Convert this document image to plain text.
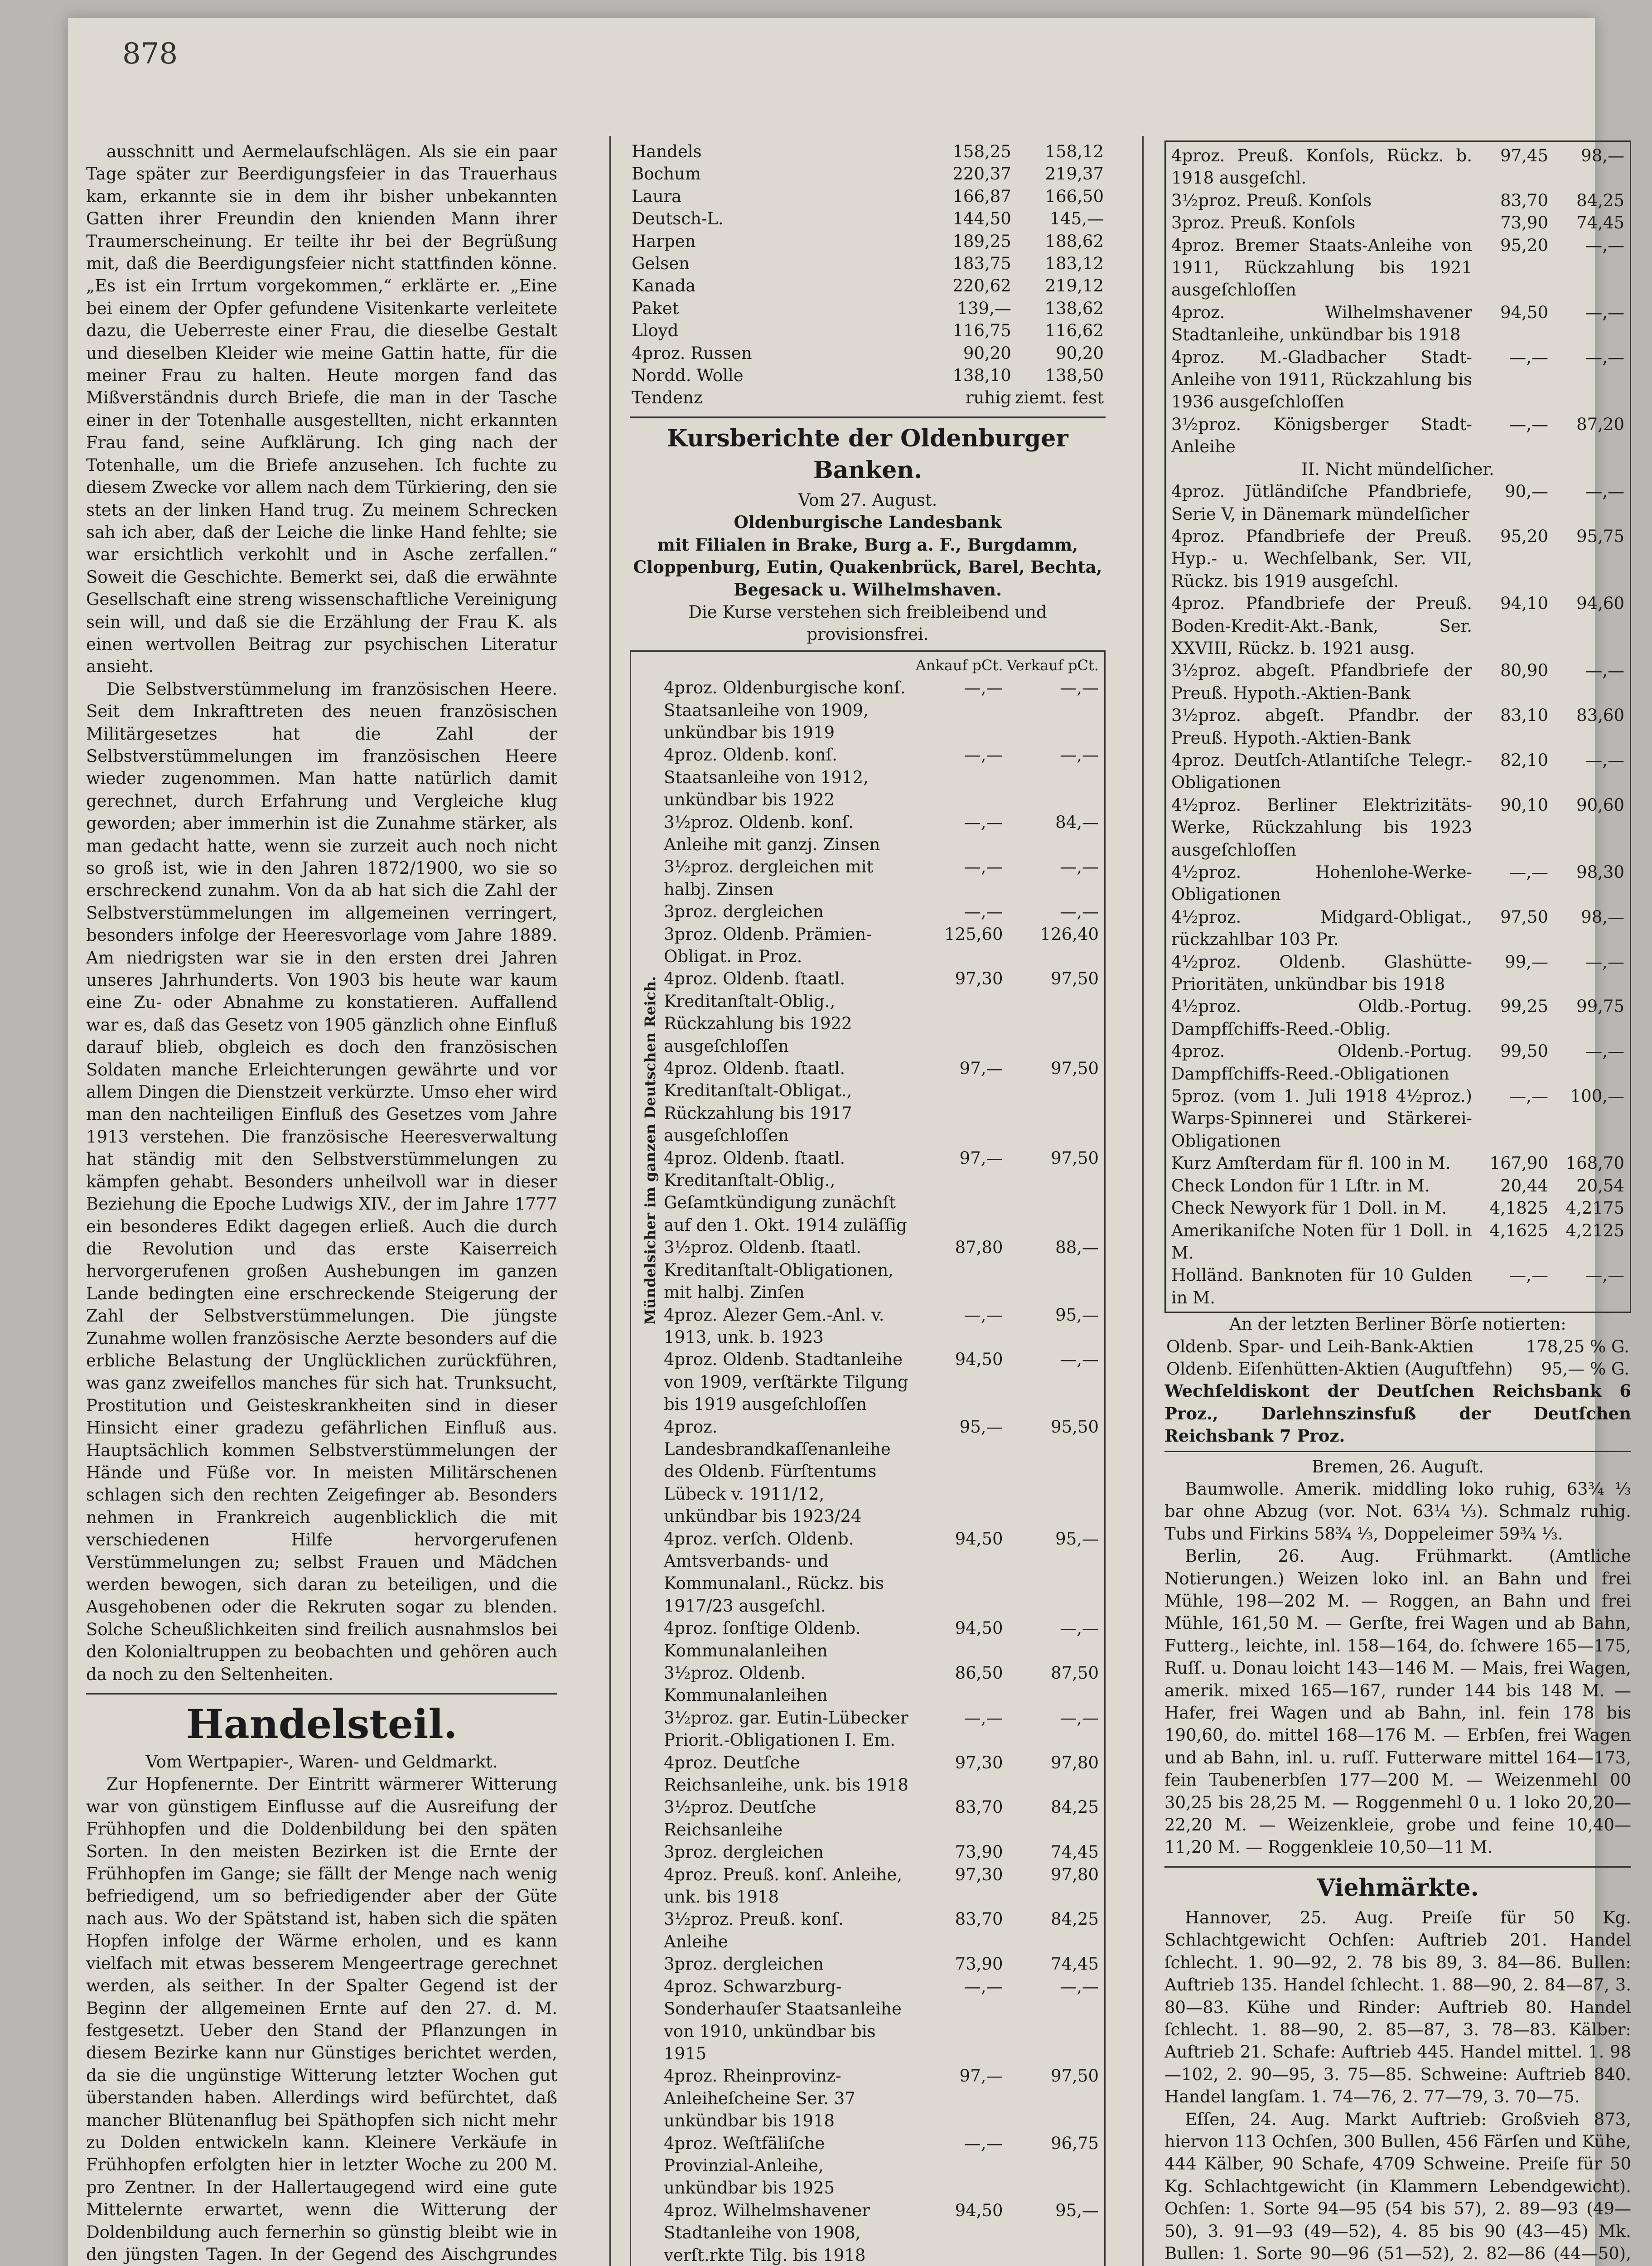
878

ausschnitt und Aermelaufschlägen. Als sie ein paar Tage später zur Beerdigungsfeier in das Trauerhaus kam, erkannte sie in dem ihr bisher unbekannten Gatten ihrer Freundin den knienden Mann ihrer Traumerscheinung. Er teilte ihr bei der Begrüßung mit, daß die Beerdigungsfeier nicht stattfinden könne. „Es ist ein Irrtum vorgekommen,“ erklärte er. „Eine bei einem der Opfer gefundene Visitenkarte verleitete dazu, die Ueberreste einer Frau, die dieselbe Gestalt und dieselben Kleider wie meine Gattin hatte, für die meiner Frau zu halten. Heute morgen fand das Mißverständnis durch Briefe, die man in der Tasche einer in der Totenhalle ausgestellten, nicht erkannten Frau fand, seine Aufklärung. Ich ging nach der Totenhalle, um die Briefe anzusehen. Ich fuchte zu diesem Zwecke vor allem nach dem Türkiering, den sie stets an der linken Hand trug. Zu meinem Schrecken sah ich aber, daß der Leiche die linke Hand fehlte; sie war ersichtlich verkohlt und in Asche zerfallen.“ Soweit die Geschichte. Bemerkt sei, daß die erwähnte Gesellschaft eine streng wissenschaftliche Vereinigung sein will, und daß sie die Erzählung der Frau K. als einen wertvollen Beitrag zur psychischen Literatur ansieht.

Die Selbstverstümmelung im französischen Heere. Seit dem Inkrafttreten des neuen französischen Militärgesetzes hat die Zahl der Selbstverstümmelungen im französischen Heere wieder zugenommen. Man hatte natürlich damit gerechnet, durch Erfahrung und Vergleiche klug geworden; aber immerhin ist die Zunahme stärker, als man gedacht hatte, wenn sie zurzeit auch noch nicht so groß ist, wie in den Jahren 1872/1900, wo sie so erschreckend zunahm. Von da ab hat sich die Zahl der Selbstverstümmelungen im allgemeinen verringert, besonders infolge der Heeresvorlage vom Jahre 1889. Am niedrigsten war sie in den ersten drei Jahren unseres Jahrhunderts. Von 1903 bis heute war kaum eine Zu- oder Abnahme zu konstatieren. Auffallend war es, daß das Gesetz von 1905 gänzlich ohne Einfluß darauf blieb, obgleich es doch den französischen Soldaten manche Erleichterungen gewährte und vor allem Dingen die Dienstzeit verkürzte. Umso eher wird man den nachteiligen Einfluß des Gesetzes vom Jahre 1913 verstehen. Die französische Heeresverwaltung hat ständig mit den Selbstverstümmelungen zu kämpfen gehabt. Besonders unheilvoll war in dieser Beziehung die Epoche Ludwigs XIV., der im Jahre 1777 ein besonderes Edikt dagegen erließ. Auch die durch die Revolution und das erste Kaiserreich hervorgerufenen großen Aushebungen im ganzen Lande bedingten eine erschreckende Steigerung der Zahl der Selbstverstümmelungen. Die jüngste Zunahme wollen französische Aerzte besonders auf die erbliche Belastung der Unglücklichen zurückführen, was ganz zweifellos manches für sich hat. Trunksucht, Prostitution und Geisteskrankheiten sind in dieser Hinsicht einer gradezu gefährlichen Einfluß aus. Hauptsächlich kommen Selbstverstümmelungen der Hände und Füße vor. In meisten Militärschenen schlagen sich den rechten Zeigefinger ab. Besonders nehmen in Frankreich augenblicklich die mit verschiedenen Hilfe hervorgerufenen Verstümmelungen zu; selbst Frauen und Mädchen werden bewogen, sich daran zu beteiligen, und die Ausgehobenen oder die Rekruten sogar zu blenden. Solche Scheußlichkeiten sind freilich ausnahmslos bei den Kolonialtruppen zu beobachten und gehören auch da noch zu den Seltenheiten.

Handelsteil.

Vom Wertpapier-, Waren- und Geldmarkt.

Zur Hopfenernte. Der Eintritt wärmerer Witterung war von günstigem Einflusse auf die Ausreifung der Frühhopfen und die Doldenbildung bei den späten Sorten. In den meisten Bezirken ist die Ernte der Frühhopfen im Gange; sie fällt der Menge nach wenig befriedigend, um so befriedigender aber der Güte nach aus. Wo der Spätstand ist, haben sich die späten Hopfen infolge der Wärme erholen, und es kann vielfach mit etwas besserem Mengeertrage gerechnet werden, als seither. In der Spalter Gegend ist der Beginn der allgemeinen Ernte auf den 27. d. M. festgesetzt. Ueber den Stand der Pflanzungen in diesem Bezirke kann nur Günstiges berichtet werden, da sie die ungünstige Witterung letzter Wochen gut überstanden haben. Allerdings wird befürchtet, daß mancher Blütenanflug bei Späthopfen sich nicht mehr zu Dolden entwickeln kann. Kleinere Verkäufe in Frühhopfen erfolgten hier in letzter Woche zu 200 M. pro Zentner. In der Hallertaugegend wird eine gute Mittelernte erwartet, wenn die Witterung der Doldenbildung auch fernerhin so günstig bleibt wie in den jüngsten Tagen. In der Gegend des Aischgrundes

Handels	158,25	158,12
Bochum	220,37	219,37
Laura	166,87	166,50
Deutsch-L.	144,50	145,—
Harpen	189,25	188,62
Gelsen	183,75	183,12
Kanada	220,62	219,12
Paket	139,—	138,62
Lloyd	116,75	116,62
4proz. Russen	90,20	90,20
Nordd. Wolle	138,10	138,50
Tendenz	ruhig	ziemt. fest
Kursberichte der Oldenburger Banken.

Vom 27. August.

Oldenburgische Landesbank

mit Filialen in Brake, Burg a. F., Burgdamm, Cloppenburg, Eutin, Quakenbrück, Barel, Bechta, Begesack u. Wilhelmshaven.

Die Kurse verstehen sich freibleibend und provisionsfrei.

Mündelsicher im ganzen Deutschen Reich.
	Ankauf pCt.	Verkauf pCt.
4proz. Oldenburgische konſ. Staatsanleihe von 1909, unkündbar bis 1919	—,—	—,—
4proz. Oldenb. konſ. Staatsanleihe von 1912, unkündbar bis 1922	—,—	—,—
3½proz. Oldenb. konſ. Anleihe mit ganzj. Zinsen	—,—	84,—
3½proz. dergleichen mit halbj. Zinsen	—,—	—,—
3proz. dergleichen	—,—	—,—
3proz. Oldenb. Prämien-Obligat. in Proz.	125,60	126,40
4proz. Oldenb. ſtaatl. Kreditanſtalt-Oblig., Rückzahlung bis 1922 ausgeſchloſſen	97,30	97,50
4proz. Oldenb. ſtaatl. Kreditanſtalt-Obligat., Rückzahlung bis 1917 ausgeſchloſſen	97,—	97,50
4proz. Oldenb. ſtaatl. Kreditanſtalt-Oblig., Geſamtkündigung zunächſt auf den 1. Okt. 1914 zuläſſig	97,—	97,50
3½proz. Oldenb. ſtaatl. Kreditanſtalt-Obligationen, mit halbj. Zinſen	87,80	88,—
4proz. Alezer Gem.-Anl. v. 1913, unk. b. 1923	—,—	95,—
4proz. Oldenb. Stadtanleihe von 1909, verſtärkte Tilgung bis 1919 ausgeſchloſſen	94,50	—,—
4proz. Landesbrandkaſſenanleihe des Oldenb. Fürſtentums Lübeck v. 1911/12, unkündbar bis 1923/24	95,—	95,50
4proz. verſch. Oldenb. Amtsverbands- und Kommunalanl., Rückz. bis 1917/23 ausgeſchl.	94,50	95,—
4proz. ſonſtige Oldenb. Kommunalanleihen	94,50	—,—
3½proz. Oldenb. Kommunalanleihen	86,50	87,50
3½proz. gar. Eutin-Lübecker Priorit.-Obligationen I. Em.	—,—	—,—
4proz. Deutſche Reichsanleihe, unk. bis 1918	97,30	97,80
3½proz. Deutſche Reichsanleihe	83,70	84,25
3proz. dergleichen	73,90	74,45
4proz. Preuß. konſ. Anleihe, unk. bis 1918	97,30	97,80
3½proz. Preuß. konſ. Anleihe	83,70	84,25
3proz. dergleichen	73,90	74,45
4proz. Schwarzburg-Sonderhauſer Staatsanleihe von 1910, unkündbar bis 1915	—,—	—,—
4proz. Rheinprovinz-Anleiheſcheine Ser. 37 unkündbar bis 1918	97,—	97,50
4proz. Weſtfäliſche Provinzial-Anleihe, unkündbar bis 1925	—,—	96,75
4proz. Wilhelmshavener Stadtanleihe von 1908, verſt.rkte Tilg. bis 1918	94,50	95,—

4proz. Preuß. Konſols, Rückz. b. 1918 ausgeſchl.	97,45	98,—
3½proz. Preuß. Konſols	83,70	84,25
3proz. Preuß. Konſols	73,90	74,45
4proz. Bremer Staats-Anleihe von 1911, Rückzahlung bis 1921 ausgeſchloſſen	95,20	—,—
4proz. Wilhelmshavener Stadtanleihe, unkündbar bis 1918	94,50	—,—
4proz. M.-Gladbacher Stadt-Anleihe von 1911, Rückzahlung bis 1936 ausgeſchloſſen	—,—	—,—
3½proz. Königsberger Stadt-Anleihe	—,—	87,20

II. Nicht mündelſicher.

4proz. Jütländiſche Pfandbriefe, Serie V, in Dänemark mündelſicher	90,—	—,—
4proz. Pfandbriefe der Preuß. Hyp.- u. Wechſelbank, Ser. VII, Rückz. bis 1919 ausgeſchl.	95,20	95,75
4proz. Pfandbriefe der Preuß. Boden-Kredit-Akt.-Bank, Ser. XXVIII, Rückz. b. 1921 ausg.	94,10	94,60
3½proz. abgeſt. Pfandbriefe der Preuß. Hypoth.-Aktien-Bank	80,90	—,—
3½proz. abgeſt. Pfandbr. der Preuß. Hypoth.-Aktien-Bank	83,10	83,60
4proz. Deutſch-Atlantiſche Telegr.-Obligationen	82,10	—,—
4½proz. Berliner Elektrizitäts-Werke, Rückzahlung bis 1923 ausgeſchloſſen	90,10	90,60
4½proz. Hohenlohe-Werke-Obligationen	—,—	98,30
4½proz. Midgard-Obligat., rückzahlbar 103 Pr.	97,50	98,—
4½proz. Oldenb. Glashütte-Prioritäten, unkündbar bis 1918	99,—	—,—
4½proz. Oldb.-Portug. Dampfſchiffs-Reed.-Oblig.	99,25	99,75
4proz. Oldenb.-Portug. Dampfſchiffs-Reed.-Obligationen	99,50	—,—
5proz. (vom 1. Juli 1918 4½proz.) Warps-Spinnerei und Stärkerei-Obligationen	—,—	100,—
Kurz Amſterdam für fl. 100 in M.	167,90	168,70
Check London für 1 Lſtr. in M.	20,44	20,54
Check Newyork für 1 Doll. in M.	4,1825	4,2175
Amerikaniſche Noten für 1 Doll. in M.	4,1625	4,2125
Holländ. Banknoten für 10 Gulden in M.	—,—	—,—

An der letzten Berliner Börſe notierten:

Oldenb. Spar- und Leih-Bank-Aktien	178,25 % G.
Oldenb. Eiſenhütten-Aktien (Auguſtfehn)	95,— % G.

Wechſeldiskont der Deutſchen Reichsbank 6 Proz., Darlehnszinsfuß der Deutſchen Reichsbank 7 Proz.

Bremen, 26. Auguſt.

Baumwolle. Amerik. middling loko ruhig, 63¾ ⅓ bar ohne Abzug (vor. Not. 63¼ ⅓). Schmalz ruhig. Tubs und Firkins 58¾ ⅓, Doppeleimer 59¾ ⅓.

Berlin, 26. Aug. Frühmarkt. (Amtliche Notierungen.) Weizen loko inl. an Bahn und frei Mühle, 198—202 M. — Roggen, an Bahn und frei Mühle, 161,50 M. — Gerſte, frei Wagen und ab Bahn, Futterg., leichte, inl. 158—164, do. ſchwere 165—175, Ruſſ. u. Donau loicht 143—146 M. — Mais, frei Wagen, amerik. mixed 165—167, runder 144 bis 148 M. — Hafer, frei Wagen und ab Bahn, inl. fein 178 bis 190,60, do. mittel 168—176 M. — Erbſen, frei Wagen und ab Bahn, inl. u. ruſſ. Futterware mittel 164—173, fein Taubenerbſen 177—200 M. — Weizenmehl 00 30,25 bis 28,25 M. — Roggenmehl 0 u. 1 loko 20,20—22,20 M. — Weizenkleie, grobe und feine 10,40—11,20 M. — Roggenkleie 10,50—11 M.

Viehmärkte.

Hannover, 25. Aug. Preiſe für 50 Kg. Schlachtgewicht Ochſen: Auftrieb 201. Handel ſchlecht. 1. 90—92, 2. 78 bis 89, 3. 84—86. Bullen: Auftrieb 135. Handel ſchlecht. 1. 88—90, 2. 84—87, 3. 80—83. Kühe und Rinder: Auftrieb 80. Handel ſchlecht. 1. 88—90, 2. 85—87, 3. 78—83. Kälber: Auftrieb 21. Schafe: Auftrieb 445. Handel mittel. 1. 98—102, 2. 90—95, 3. 75—85. Schweine: Auftrieb 840. Handel langſam. 1. 74—76, 2. 77—79, 3. 70—75.

Eſſen, 24. Aug. Markt Auftrieb: Großvieh 873, hiervon 113 Ochſen, 300 Bullen, 456 Färſen und Kühe, 444 Kälber, 90 Schafe, 4709 Schweine. Preiſe für 50 Kg. Schlachtgewicht (in Klammern Lebendgewicht). Ochſen: 1. Sorte 94—95 (54 bis 57), 2. 89—93 (49—50), 3. 91—93 (49—52), 4. 85 bis 90 (43—45) Mk. Bullen: 1. Sorte 90—96 (51—52), 2. 82—86 (44—50),
